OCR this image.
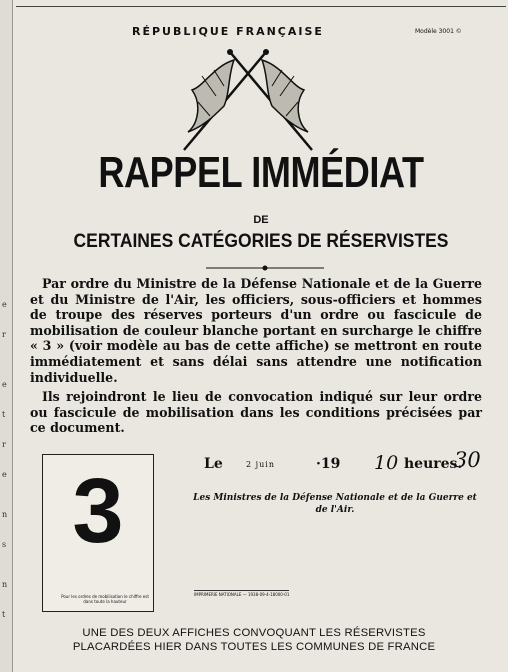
e
r
e
t
r
e
n
s
n
t
RÉPUBLIQUE FRANÇAISE	Modèle 3001 ©
RAPPEL IMMÉDIAT
DE
CERTAINES CATÉGORIES DE RÉSERVISTES

Par ordre du Ministre de la Défense Nationale et de la Guerre et du Ministre de l'Air, les officiers, sous-officiers et hommes de troupe des réserves porteurs d'un ordre ou fascicule de mobilisation de couleur blanche portant en surcharge le chiffre « 3 » (voir modèle au bas de cette affiche) se mettront en route immédiatement et sans délai sans attendre une notification individuelle.

Ils rejoindront le lieu de convocation indiqué sur leur ordre ou fascicule de mobilisation dans les conditions précisées par ce document.

3
Pour les ordres de mobilisation le chiffre est dans toute la hauteur
Le	2 juin	·19 10 heures.
30
Les Ministres de la Défense Nationale et de la Guerre et de l'Air.
IMPRIMERIE NATIONALE — 1938-09-4-18000-01
UNE DES DEUX AFFICHES CONVOQUANT LES RÉSERVISTES
PLACARDÉES HIER DANS TOUTES LES COMMUNES DE FRANCE
